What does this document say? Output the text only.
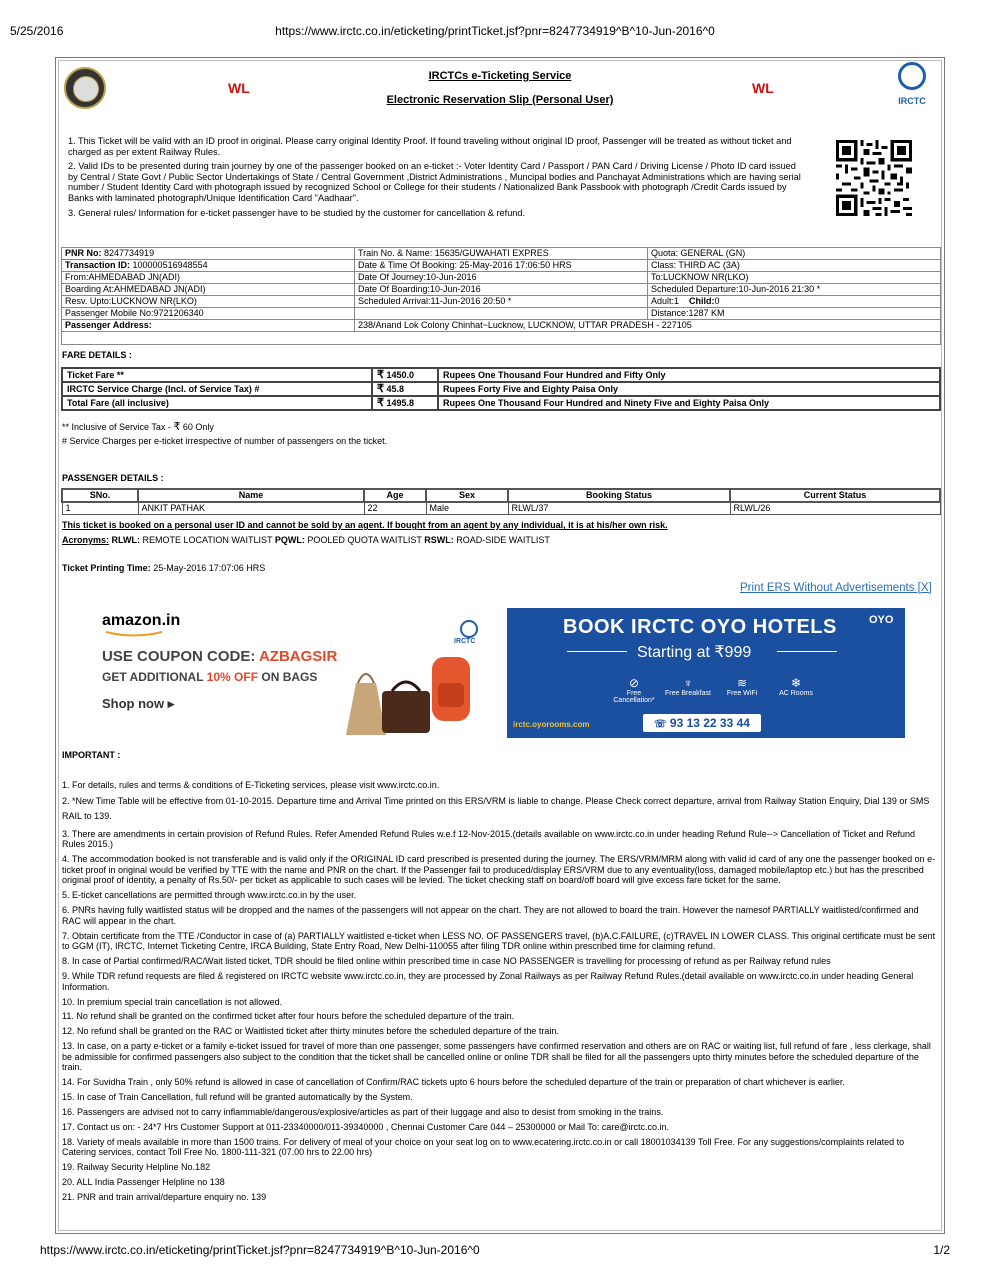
5/25/2016	https://www.irctc.co.in/eticketing/printTicket.jsf?pnr=8247734919^B^10-Jun-2016^0
IRCTCs e-Ticketing Service
Electronic Reservation Slip (Personal User)
WL	WL
IRCTC

1. This Ticket will be valid with an ID proof in original. Please carry original Identity Proof. If found traveling without original ID proof, Passenger will be treated as without ticket and charged as per extent Railway Rules.

2. Valid IDs to be presented during train journey by one of the passenger booked on an e-ticket :- Voter Identity Card / Passport / PAN Card / Driving License / Photo ID card issued by Central / State Govt / Public Sector Undertakings of State / Central Government ,District Administrations , Muncipal bodies and Panchayat Administrations which are having serial number / Student Identity Card with photograph issued by recognized School or College for their students / Nationalized Bank Passbook with photograph /Credit Cards issued by Banks with laminated photograph/Unique Identification Card "Aadhaar".

3. General rules/ Information for e-ticket passenger have to be studied by the customer for cancellation & refund.

PNR No: 8247734919	Train No. & Name: 15635/GUWAHATI EXPRES	Quota: GENERAL (GN)
Transaction ID: 100000516948554	Date & Time Of Booking: 25-May-2016 17:06:50 HRS	Class: THIRD AC (3A)
From:AHMEDABAD JN(ADI)	Date Of Journey:10-Jun-2016	To:LUCKNOW NR(LKO)
Boarding At:AHMEDABAD JN(ADI)	Date Of Boarding:10-Jun-2016	Scheduled Departure:10-Jun-2016 21:30 *
Resv. Upto:LUCKNOW NR(LKO)	Scheduled Arrival:11-Jun-2016 20:50 *	Adult:1 Child:0
Passenger Mobile No:9721206340		Distance:1287 KM
Passenger Address:	238/Anand Lok Colony Chinhat~Lucknow, LUCKNOW, UTTAR PRADESH - 227105	

FARE DETAILS :
Ticket Fare **	₹ 1450.0	Rupees One Thousand Four Hundred and Fifty Only
IRCTC Service Charge (Incl. of Service Tax) #	₹ 45.8	Rupees Forty Five and Eighty Paisa Only
Total Fare (all inclusive)	₹ 1495.8	Rupees One Thousand Four Hundred and Ninety Five and Eighty Paisa Only
** Inclusive of Service Tax - ₹ 60 Only
# Service Charges per e-ticket irrespective of number of passengers on the ticket.
PASSENGER DETAILS :
SNo.	Name	Age	Sex	Booking Status	Current Status
1	ANKIT PATHAK	22	Male	RLWL/37	RLWL/26
This ticket is booked on a personal user ID and cannot be sold by an agent. If bought from an agent by any individual, it is at his/her own risk.
Acronyms: RLWL: REMOTE LOCATION WAITLIST PQWL: POOLED QUOTA WAITLIST RSWL: ROAD-SIDE WAITLIST
Ticket Printing Time: 25-May-2016 17:07:06 HRS
Print ERS Without Advertisements [X]
amazon.in
USE COUPON CODE: AZBAGSIR
GET ADDITIONAL 10% OFF ON BAGS
Shop now ▸
IRCTC
BOOK IRCTC OYO HOTELS	OYO
Starting at ₹999
⊘
Free Cancellation*
♆
Free Breakfast
≋
Free WiFi
❄
AC Rooms
☏ 93 13 22 33 44
irctc.oyorooms.com

IMPORTANT :

1. For details, rules and terms & conditions of E-Ticketing services, please visit www.irctc.co.in.

2. *New Time Table will be effective from 01-10-2015. Departure time and Arrival Time printed on this ERS/VRM is liable to change. Please Check correct departure, arrival from Railway Station Enquiry, Dial 139 or SMS RAIL to 139.

3. There are amendments in certain provision of Refund Rules. Refer Amended Refund Rules w.e.f 12-Nov-2015.(details available on www.irctc.co.in under heading Refund Rule--> Cancellation of Ticket and Refund Rules 2015.)

4. The accommodation booked is not transferable and is valid only if the ORIGINAL ID card prescribed is presented during the journey. The ERS/VRM/MRM along with valid id card of any one the passenger booked on e-ticket proof in original would be verified by TTE with the name and PNR on the chart. If the Passenger fail to produced/display ERS/VRM due to any eventuality(loss, damaged mobile/laptop etc.) but has the prescribed original proof of identity, a penalty of Rs.50/- per ticket as applicable to such cases will be levied. The ticket checking staff on board/off board will give excess fare ticket for the same.

5. E-ticket cancellations are permitted through www.irctc.co.in by the user.

6. PNRs having fully waitlisted status will be dropped and the names of the passengers will not appear on the chart. They are not allowed to board the train. However the namesof PARTIALLY waitlisted/confirmed and RAC will appear in the chart.

7. Obtain certificate from the TTE /Conductor in case of (a) PARTIALLY waitlisted e-ticket when LESS NO. OF PASSENGERS travel, (b)A.C.FAILURE, (c)TRAVEL IN LOWER CLASS. This original certificate must be sent to GGM (IT), IRCTC, Internet Ticketing Centre, IRCA Building, State Entry Road, New Delhi-110055 after filing TDR online within prescribed time for claiming refund.

8. In case of Partial confirmed/RAC/Wait listed ticket, TDR should be filed online within prescribed time in case NO PASSENGER is travelling for processing of refund as per Railway refund rules

9. While TDR refund requests are filed & registered on IRCTC website www.irctc.co.in, they are processed by Zonal Railways as per Railway Refund Rules.(detail available on www.irctc.co.in under heading General Information.

10. In premium special train cancellation is not allowed.

11. No refund shall be granted on the confirmed ticket after four hours before the scheduled departure of the train.

12. No refund shall be granted on the RAC or Waitlisted ticket after thirty minutes before the scheduled departure of the train.

13. In case, on a party e-ticket or a family e-ticket issued for travel of more than one passenger, some passengers have confirmed reservation and others are on RAC or waiting list, full refund of fare , less clerkage, shall be admissible for confirmed passengers also subject to the condition that the ticket shall be cancelled online or online TDR shall be filed for all the passengers upto thirty minutes before the scheduled departure of the train.

14. For Suvidha Train , only 50% refund is allowed in case of cancellation of Confirm/RAC tickets upto 6 hours before the scheduled departure of the train or preparation of chart whichever is earlier.

15. In case of Train Cancellation, full refund will be granted automatically by the System.

16. Passengers are advised not to carry inflammable/dangerous/explosive/articles as part of their luggage and also to desist from smoking in the trains.

17. Contact us on: - 24*7 Hrs Customer Support at 011-23340000/011-39340000 , Chennai Customer Care 044 – 25300000 or Mail To: care@irctc.co.in.

18. Variety of meals available in more than 1500 trains. For delivery of meal of your choice on your seat log on to www.ecatering.irctc.co.in or call 18001034139 Toll Free. For any suggestions/complaints related to Catering services, contact Toll Free No. 1800-111-321 (07.00 hrs to 22.00 hrs)

19. Railway Security Helpline No.182

20. ALL India Passenger Helpline no 138

21. PNR and train arrival/departure enquiry no. 139

https://www.irctc.co.in/eticketing/printTicket.jsf?pnr=8247734919^B^10-Jun-2016^0	1/2
